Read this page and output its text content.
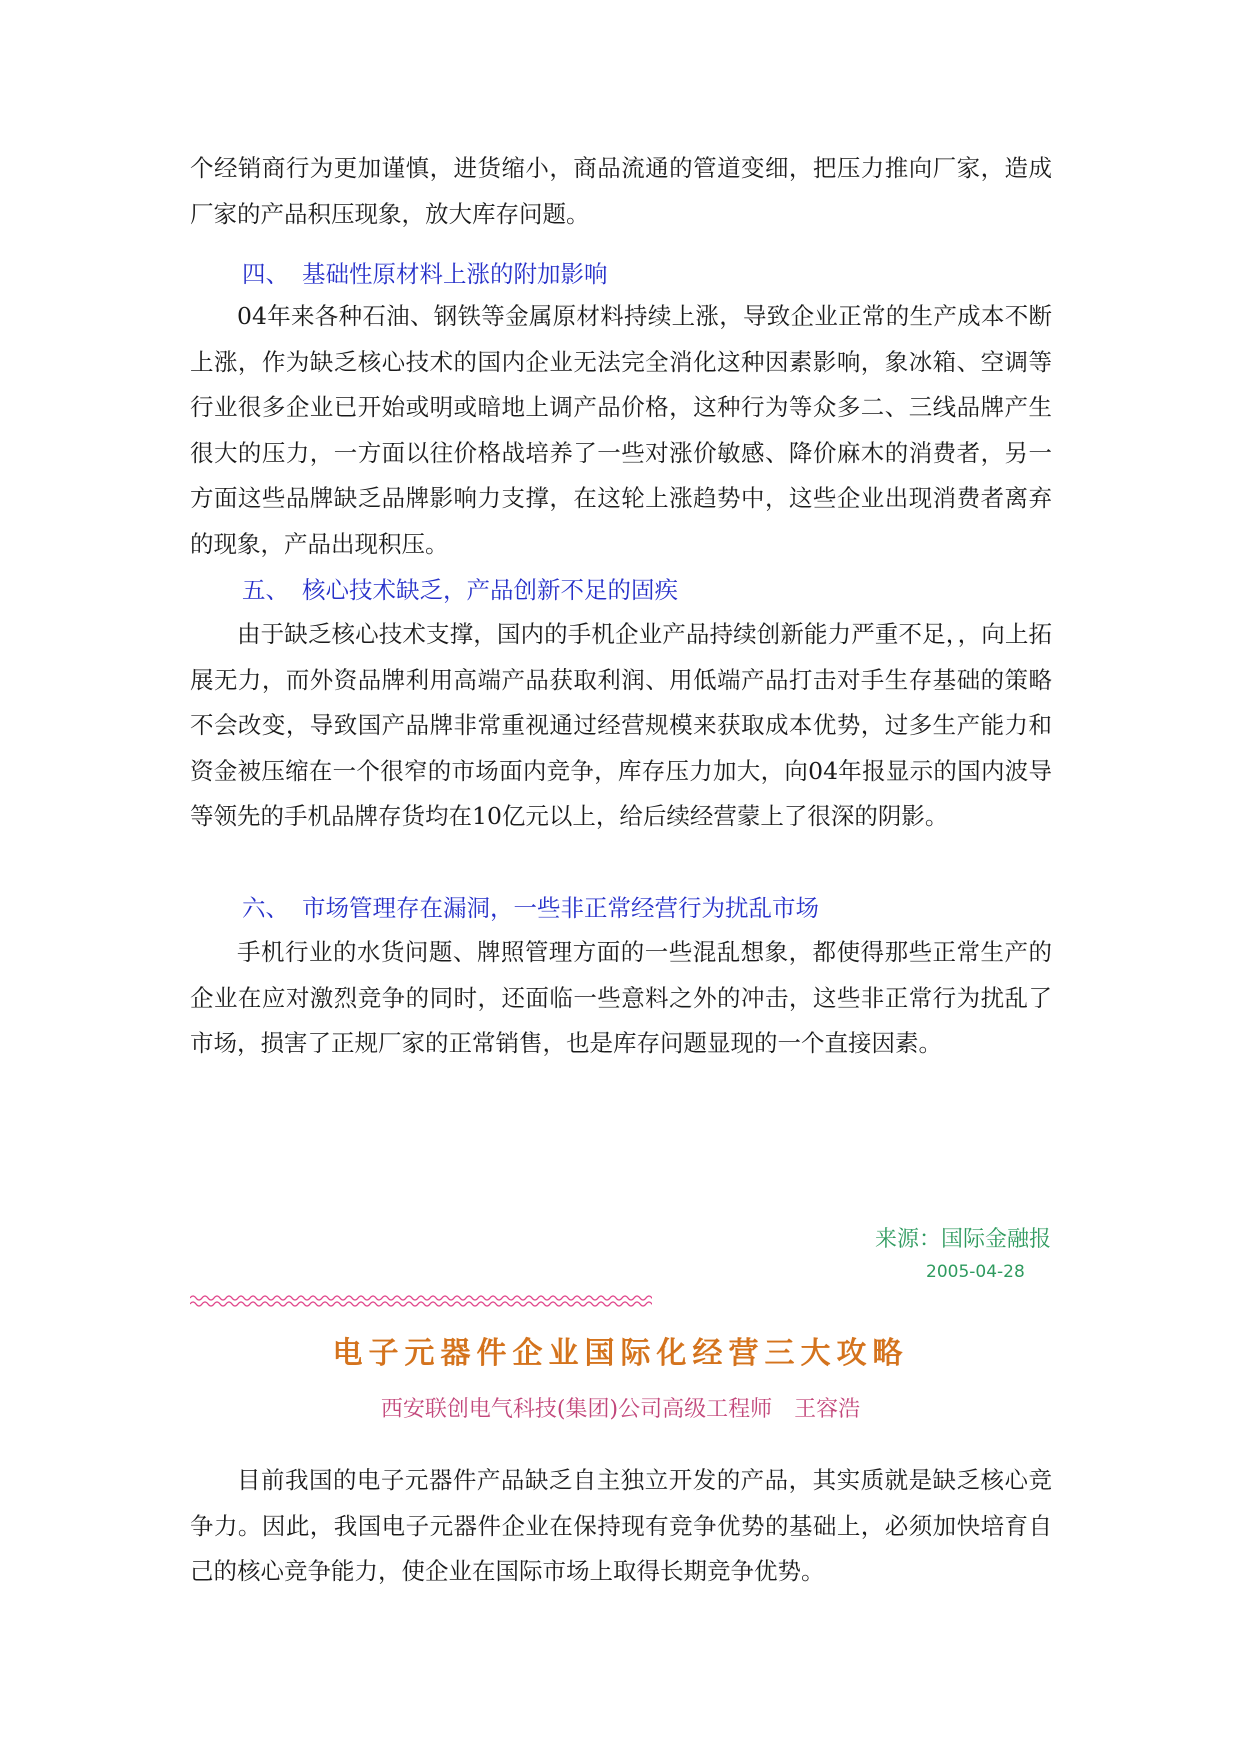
个经销商行为更加谨慎，进货缩小，商品流通的管道变细，把压力推向厂家，造成厂家的产品积压现象，放大库存问题。

四、 基础性原材料上涨的附加影响

04年来各种石油、钢铁等金属原材料持续上涨，导致企业正常的生产成本不断上涨，作为缺乏核心技术的国内企业无法完全消化这种因素影响，象冰箱、空调等行业很多企业已开始或明或暗地上调产品价格，这种行为等众多二、三线品牌产生很大的压力，一方面以往价格战培养了一些对涨价敏感、降价麻木的消费者，另一方面这些品牌缺乏品牌影响力支撑，在这轮上涨趋势中，这些企业出现消费者离弃的现象，产品出现积压。

五、 核心技术缺乏，产品创新不足的固疾

由于缺乏核心技术支撑，国内的手机企业产品持续创新能力严重不足，，向上拓展无力，而外资品牌利用高端产品获取利润、用低端产品打击对手生存基础的策略不会改变，导致国产品牌非常重视通过经营规模来获取成本优势，过多生产能力和资金被压缩在一个很窄的市场面内竞争，库存压力加大，向04年报显示的国内波导等领先的手机品牌存货均在10亿元以上，给后续经营蒙上了很深的阴影。

六、 市场管理存在漏洞，一些非正常经营行为扰乱市场

手机行业的水货问题、牌照管理方面的一些混乱想象，都使得那些正常生产的企业在应对激烈竞争的同时，还面临一些意料之外的冲击，这些非正常行为扰乱了市场，损害了正规厂家的正常销售，也是库存问题显现的一个直接因素。

来源：国际金融报

2005-04-28

电子元器件企业国际化经营三大攻略

西安联创电气科技(集团)公司高级工程师　王容浩

目前我国的电子元器件产品缺乏自主独立开发的产品，其实质就是缺乏核心竞争力。因此，我国电子元器件企业在保持现有竞争优势的基础上，必须加快培育自己的核心竞争能力，使企业在国际市场上取得长期竞争优势。
